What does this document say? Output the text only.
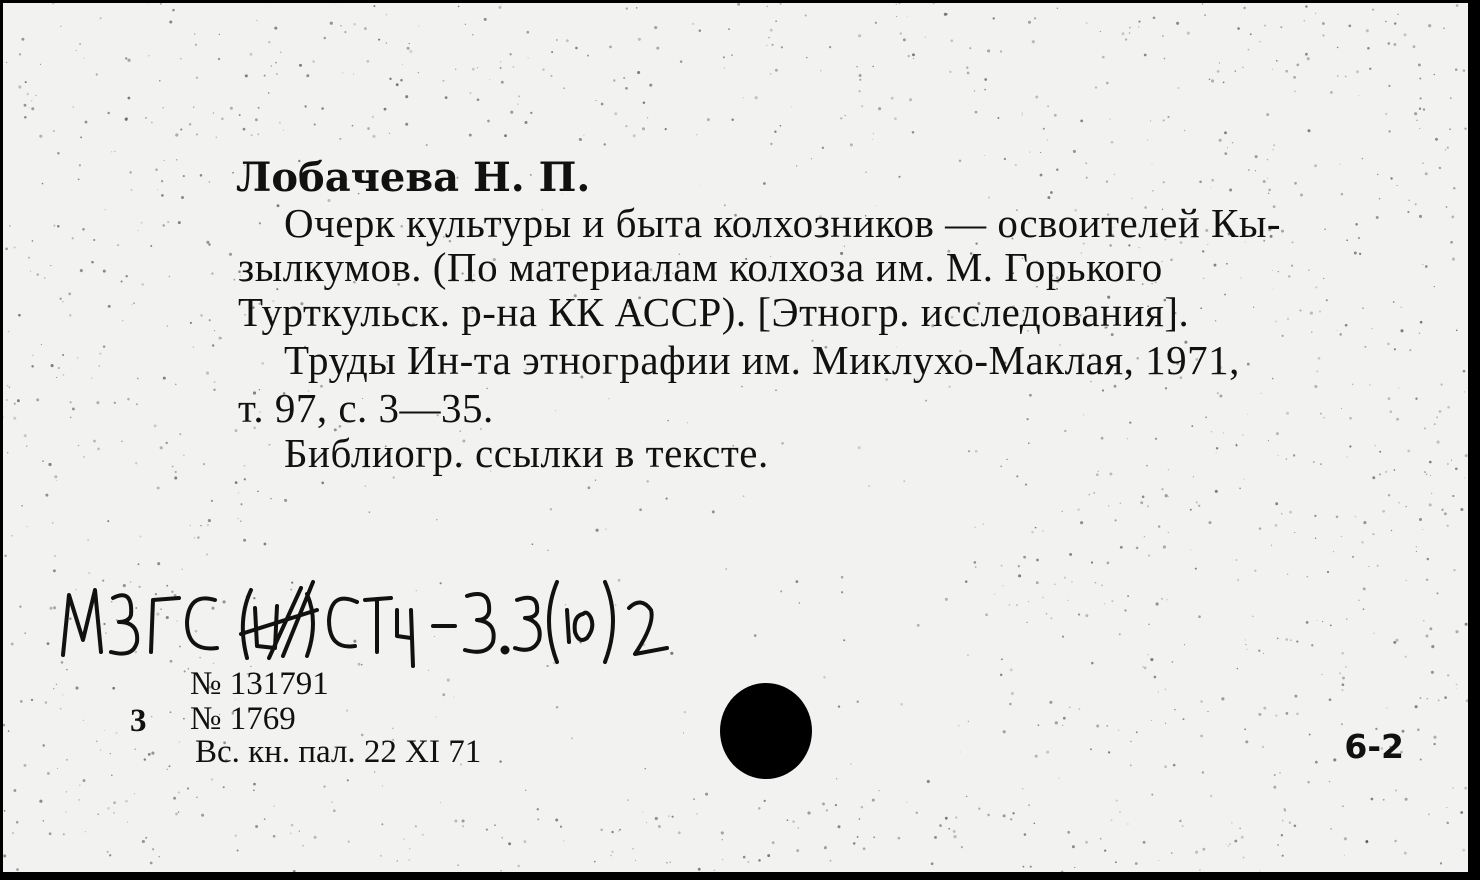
Лобачева Н. П.
Очерк культуры и быта колхозников — освоителей Кы-
зылкумов. (По материалам колхоза им. М. Горького
Турткульск. р-на КК АССР). [Этногр. исследования].
Труды Ин-та этнографии им. Миклухо-Маклая, 1971,
т. 97, с. 3—35.
Библиогр. ссылки в тексте.
№ 131791
3 № 1769
Вс. кн. пал. 22 XI 71	6-2
